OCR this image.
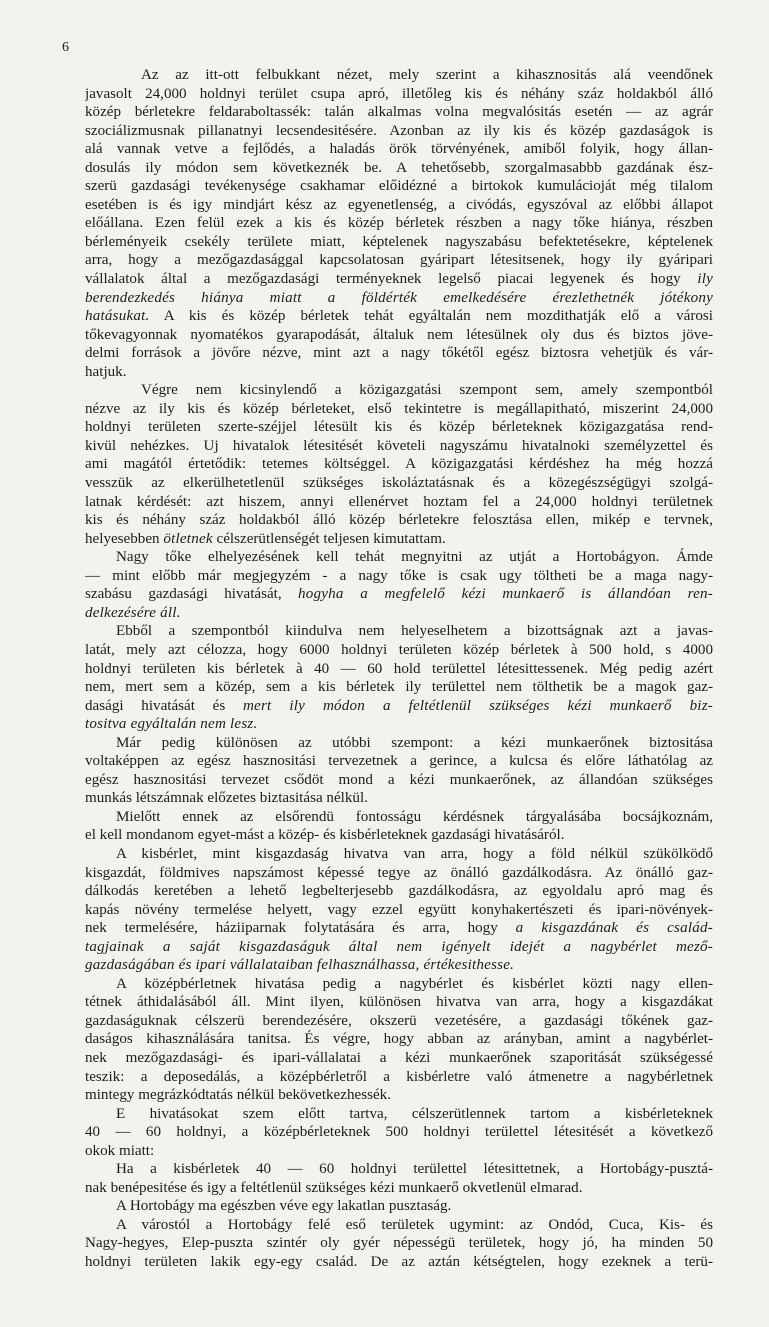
6
Az az itt-ott felbukkant nézet, mely szerint a kihasznositás alá veendőnek
javasolt 24,000 holdnyi terület csupa apró, illetőleg kis és néhány száz holdakból álló
közép bérletekre feldaraboltassék: talán alkalmas volna megvalósitás esetén — az agrár
szociálizmusnak pillanatnyi lecsendesitésére. Azonban az ily kis és közép gazdaságok is
alá vannak vetve a fejlődés, a haladás örök törvényének, amiből folyik, hogy állan-
dosulás ily módon sem következnék be. A tehetősebb, szorgalmasabbb gazdának ész-
szerü gazdasági tevékenysége csakhamar előidézné a birtokok kumulácioját még tilalom
esetében is és igy mindjárt kész az egyenetlenség, a civódás, egyszóval az előbbi állapot
előállana. Ezen felül ezek a kis és közép bérletek részben a nagy tőke hiánya, részben
bérleményeik csekély területe miatt, képtelenek nagyszabásu befektetésekre, képtelenek
arra, hogy a mezőgazdasággal kapcsolatosan gyáripart létesitsenek, hogy ily gyáripari
vállalatok által a mezőgazdasági terményeknek legelső piacai legyenek és hogy ily
berendezkedés hiánya miatt a földérték emelkedésére érezlethetnék jótékony
hatásukat. A kis és közép bérletek tehát egyáltalán nem mozdithatják elő a városi
tőkevagyonnak nyomatékos gyarapodását, általuk nem létesülnek oly dus és biztos jöve-
delmi források a jövőre nézve, mint azt a nagy tőkétől egész biztosra vehetjük és vár-
hatjuk.
Végre nem kicsinylendő a közigazgatási szempont sem, amely szempontból
nézve az ily kis és közép bérleteket, első tekintetre is megállapitható, miszerint 24,000
holdnyi területen szerte-széjjel létesült kis és közép bérleteknek közigazgatása rend-
kivül nehézkes. Uj hivatalok létesitését követeli nagyszámu hivatalnoki személyzettel és
ami magától értetődik: tetemes költséggel. A közigazgatási kérdéshez ha még hozzá
vesszük az elkerülhetetlenül szükséges iskoláztatásnak és a közegészségügyi szolgá-
latnak kérdését: azt hiszem, annyi ellenérvet hoztam fel a 24,000 holdnyi területnek
kis és néhány száz holdakból álló közép bérletekre felosztása ellen, mikép e tervnek,
helyesebben ötletnek célszerütlenségét teljesen kimutattam.
Nagy tőke elhelyezésének kell tehát megnyitni az utját a Hortobágyon. Ámde
— mint előbb már megjegyzém - a nagy tőke is csak ugy töltheti be a maga nagy-
szabásu gazdasági hivatását, hogyha a megfelelő kézi munkaerő is állandóan ren-
delkezésére áll.
Ebből a szempontból kiindulva nem helyeselhetem a bizottságnak azt a javas-
latát, mely azt célozza, hogy 6000 holdnyi területen közép bérletek à 500 hold, s 4000
holdnyi területen kis bérletek à 40 — 60 hold területtel létesittessenek. Még pedig azért
nem, mert sem a közép, sem a kis bérletek ily területtel nem tölthetik be a magok gaz-
dasági hivatását és mert ily módon a feltétlenül szükséges kézi munkaerő biz-
tositva egyáltalán nem lesz.
Már pedig különösen az utóbbi szempont: a kézi munkaerőnek biztositása
voltaképpen az egész hasznositási tervezetnek a gerince, a kulcsa és előre láthatólag az
egész hasznositási tervezet csődöt mond a kézi munkaerőnek, az állandóan szükséges
munkás létszámnak előzetes biztasitása nélkül.
Mielőtt ennek az elsőrendü fontosságu kérdésnek tárgyalásába bocsájkoznám,
el kell mondanom egyet-mást a közép- és kisbérleteknek gazdasági hivatásáról.
A kisbérlet, mint kisgazdaság hivatva van arra, hogy a föld nélkül szükölködő
kisgazdát, földmives napszámost képessé tegye az önálló gazdálkodásra. Az önálló gaz-
dálkodás keretében a lehető legbelterjesebb gazdálkodásra, az egyoldalu apró mag és
kapás növény termelése helyett, vagy ezzel együtt konyhakertészeti és ipari-növények-
nek termelésére, háziiparnak folytatására és arra, hogy a kisgazdának és család-
tagjainak a saját kisgazdaságuk által nem igényelt idejét a nagybérlet mező-
gazdaságában és ipari vállalataiban felhasználhassa, értékesithesse.
A középbérletnek hivatása pedig a nagybérlet és kisbérlet közti nagy ellen-
tétnek áthidalásából áll. Mint ilyen, különösen hivatva van arra, hogy a kisgazdákat
gazdaságuknak célszerü berendezésére, okszerü vezetésére, a gazdasági tőkének gaz-
daságos kihasználására tanitsa. És végre, hogy abban az arányban, amint a nagybérlet-
nek mezőgazdasági- és ipari-vállalatai a kézi munkaerőnek szaporitását szükségessé
teszik: a deposedálás, a középbérletről a kisbérletre való átmenetre a nagybérletnek
mintegy megrázkódtatás nélkül bekövetkezhessék.
E hivatásokat szem előtt tartva, célszerütlennek tartom a kisbérleteknek
40 — 60 holdnyi, a középbérleteknek 500 holdnyi területtel létesitését a következő
okok miatt:
Ha a kisbérletek 40 — 60 holdnyi területtel létesittetnek, a Hortobágy-pusztá-
nak benépesitése és igy a feltétlenül szükséges kézi munkaerő okvetlenül elmarad.
A Hortobágy ma egészben véve egy lakatlan pusztaság.
A várostól a Hortobágy felé eső területek ugymint: az Ondód, Cuca, Kis- és
Nagy-hegyes, Elep-pusztа szintér oly gyér népességü területek, hogy jó, ha minden 50
holdnyi területen lakik egy-egy család. De az aztán kétségtelen, hogy ezeknek a terü-
